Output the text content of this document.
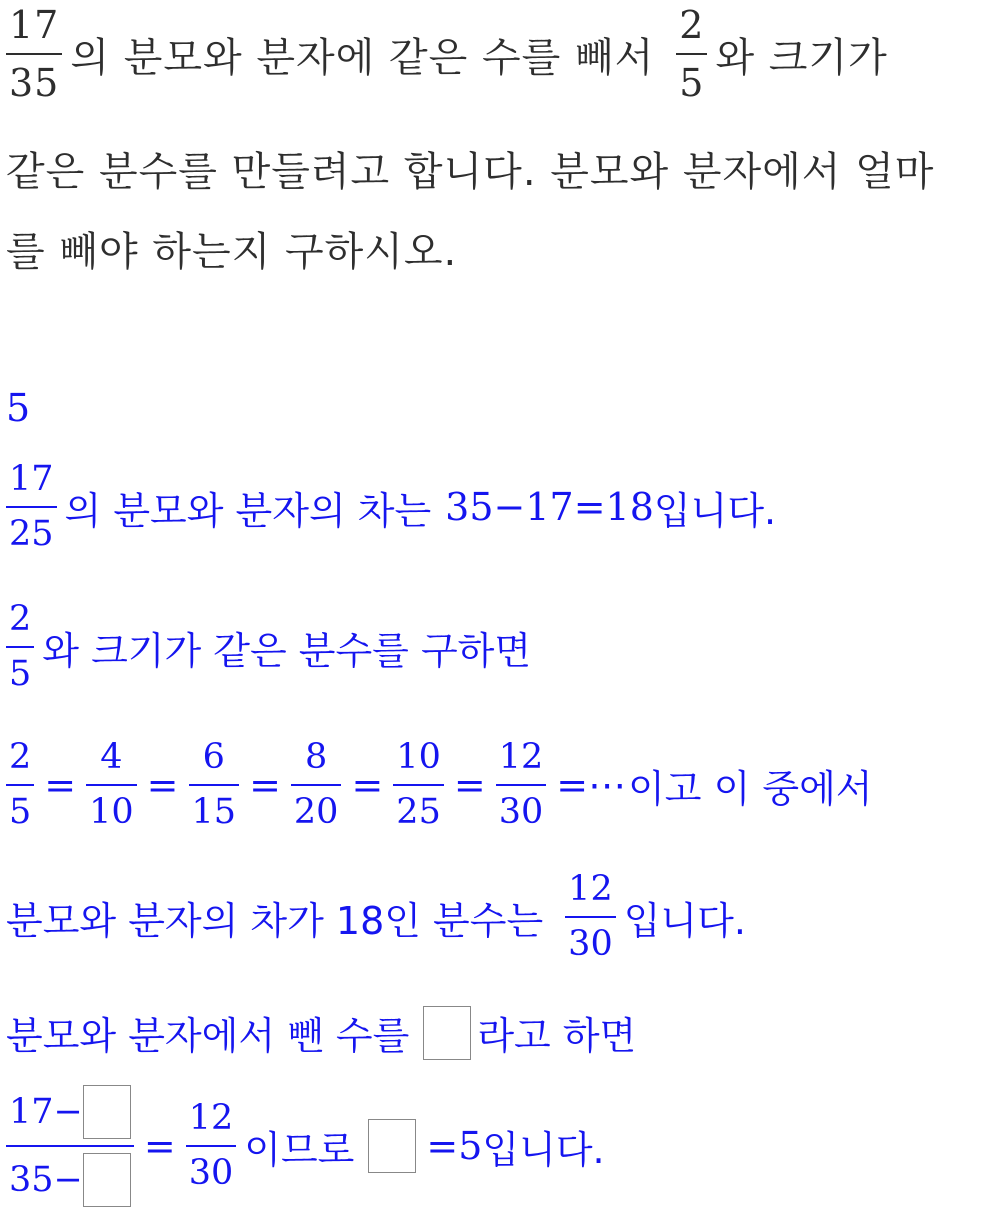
$\frac{17}{35}$ 의 분모와 분자에 같은 수를 빼서 $\frac{2}{5}$ 와 크기가
같은 분수를 만들려고 합니다. 분모와 분자에서 얼마
를 빼야 하는지 구하시오.
5
$\frac{17}{25}$ 의 분모와 분자의 차는 35−17=18 입니다.
$\frac{2}{5}$ 와 크기가 같은 분수를 구하면
$\frac{2}{5} = \frac{4}{10} = \frac{6}{15} = \frac{8}{20} = \frac{10}{25} = \frac{12}{30}$ =⋯ 이고 이 중에서
분모와 분자의 차가 18인 분수는 $\frac{12}{30}$ 입니다.
분모와 분자에서 뺀 수를 라고 하면
$\frac{17-}{35-} = \frac{12}{30}$ 이므로 =5 입니다.
